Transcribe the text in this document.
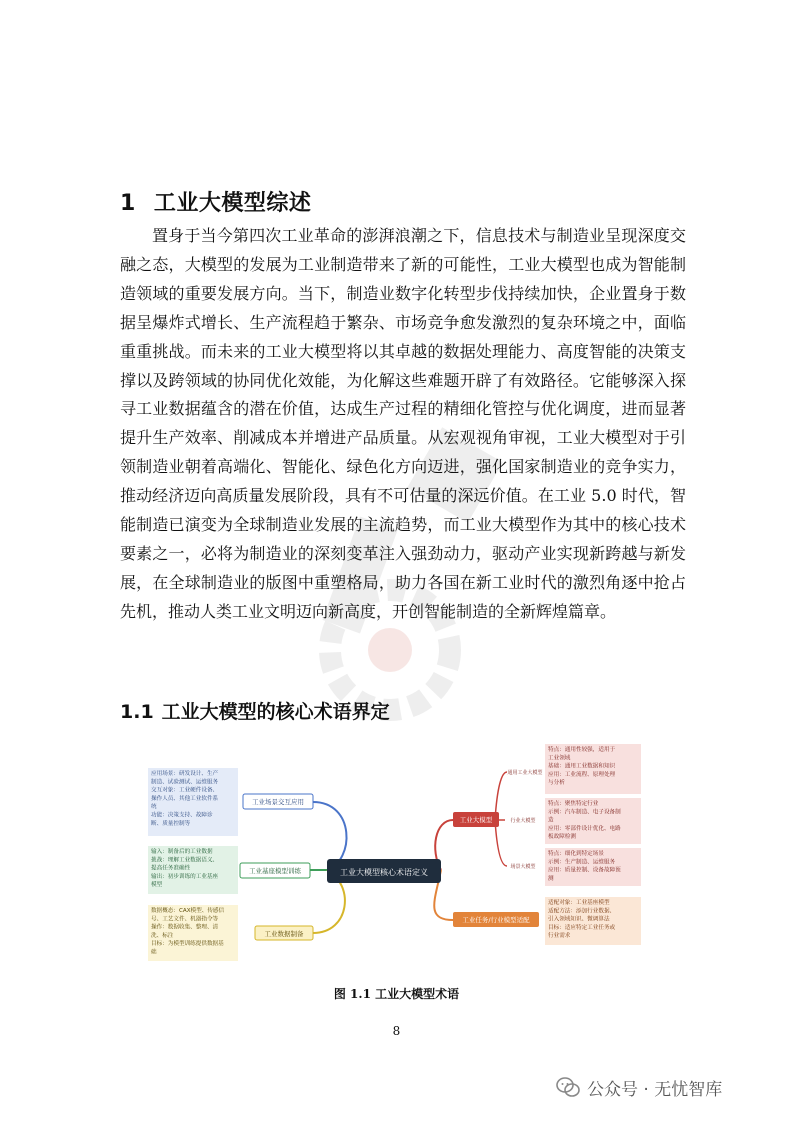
1 工业大模型综述

置身于当今第四次工业革命的澎湃浪潮之下，信息技术与制造业呈现深度交融之态，大模型的发展为工业制造带来了新的可能性，工业大模型也成为智能制造领域的重要发展方向。当下，制造业数字化转型步伐持续加快，企业置身于数据呈爆炸式增长、生产流程趋于繁杂、市场竞争愈发激烈的复杂环境之中，面临重重挑战。而未来的工业大模型将以其卓越的数据处理能力、高度智能的决策支撑以及跨领域的协同优化效能，为化解这些难题开辟了有效路径。它能够深入探寻工业数据蕴含的潜在价值，达成生产过程的精细化管控与优化调度，进而显著提升生产效率、削减成本并增进产品质量。从宏观视角审视，工业大模型对于引领制造业朝着高端化、智能化、绿色化方向迈进，强化国家制造业的竞争实力，推动经济迈向高质量发展阶段，具有不可估量的深远价值。在工业 5.0 时代，智能制造已演变为全球制造业发展的主流趋势，而工业大模型作为其中的核心技术要素之一，必将为制造业的深刻变革注入强劲动力，驱动产业实现新跨越与新发展，在全球制造业的版图中重塑格局，助力各国在新工业时代的激烈角逐中抢占先机，推动人类工业文明迈向新高度，开创智能制造的全新辉煌篇章。

1.1 工业大模型的核心术语界定
工业大模型核心术语定义
工业场景交互应用
工业基座模型训练
工业数据制备
工业大模型
工业任务/行业模型适配
通用工业大模型
行业大模型
场景大模型
应用场景：研发设计、生产
制造、试验测试、运维服务
交互对象：工业硬件设备、
操作人员、其他工业软件系
统
功能：决策支持、故障诊
断、质量控制等
输入：制备后的工业数据
挑战：理解工业数据语义、
提高任务准确性
输出：初步训练的工业基座
模型
数据概态：CAX模型、传感信
号、工艺文件、机器指令等
操作：数据收集、整理、清
洗、标注
目标：为模型训练提供数据基
础
特点：通用性较强，适用于
工业领域
基础：通用工业数据和知识
应用：工业流程、原理处理
与分析
特点：聚焦特定行业
示例：汽车制造、电子设备制
造
应用：零部件设计优化、电路
板故障检测
特点：细化到特定场景
示例：生产制造、运维服务
应用：质量控制、设备故障预
测
适配对象：工业基座模型
适配方法：添加行业数据、
引入领域知识、微调算法
目标：适应特定工业任务或
行业需求
图 1.1 工业大模型术语
8
公众号 · 无忧智库
